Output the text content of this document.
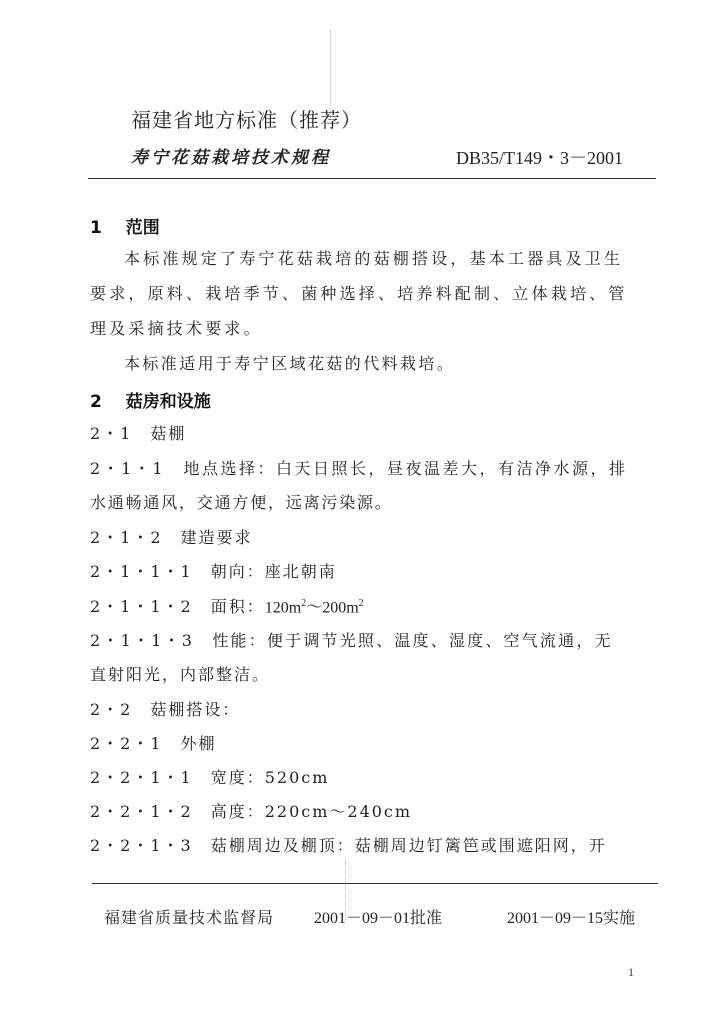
福建省地方标准（推荐）
寿宁花菇栽培技术规程	DB35/T149・3－2001
1 范围
本标准规定了寿宁花菇栽培的菇棚搭设，基本工器具及卫生
要求，原料、栽培季节、菌种选择、培养料配制、立体栽培、管
理及采摘技术要求。
本标准适用于寿宁区域花菇的代料栽培。
2 菇房和设施
2・1　菇棚
2・1・1　地点选择：白天日照长，昼夜温差大，有洁净水源，排
水通畅通风，交通方便，远离污染源。
2・1・2　建造要求
2・1・1・1　朝向：座北朝南
2・1・1・2　面积：$120m^2\sim 200m^2$
2・1・1・3　性能：便于调节光照、温度、湿度、空气流通，无
直射阳光，内部整洁。
2・2　菇棚搭设：
2・2・1　外棚
2・2・1・1　宽度：520cm
2・2・1・2　高度：220cm～240cm
2・2・1・3　菇棚周边及棚顶：菇棚周边钉篱笆或围遮阳网，开
福建省质量技术监督局 2001－09－01批准	2001－09－15实施
1
